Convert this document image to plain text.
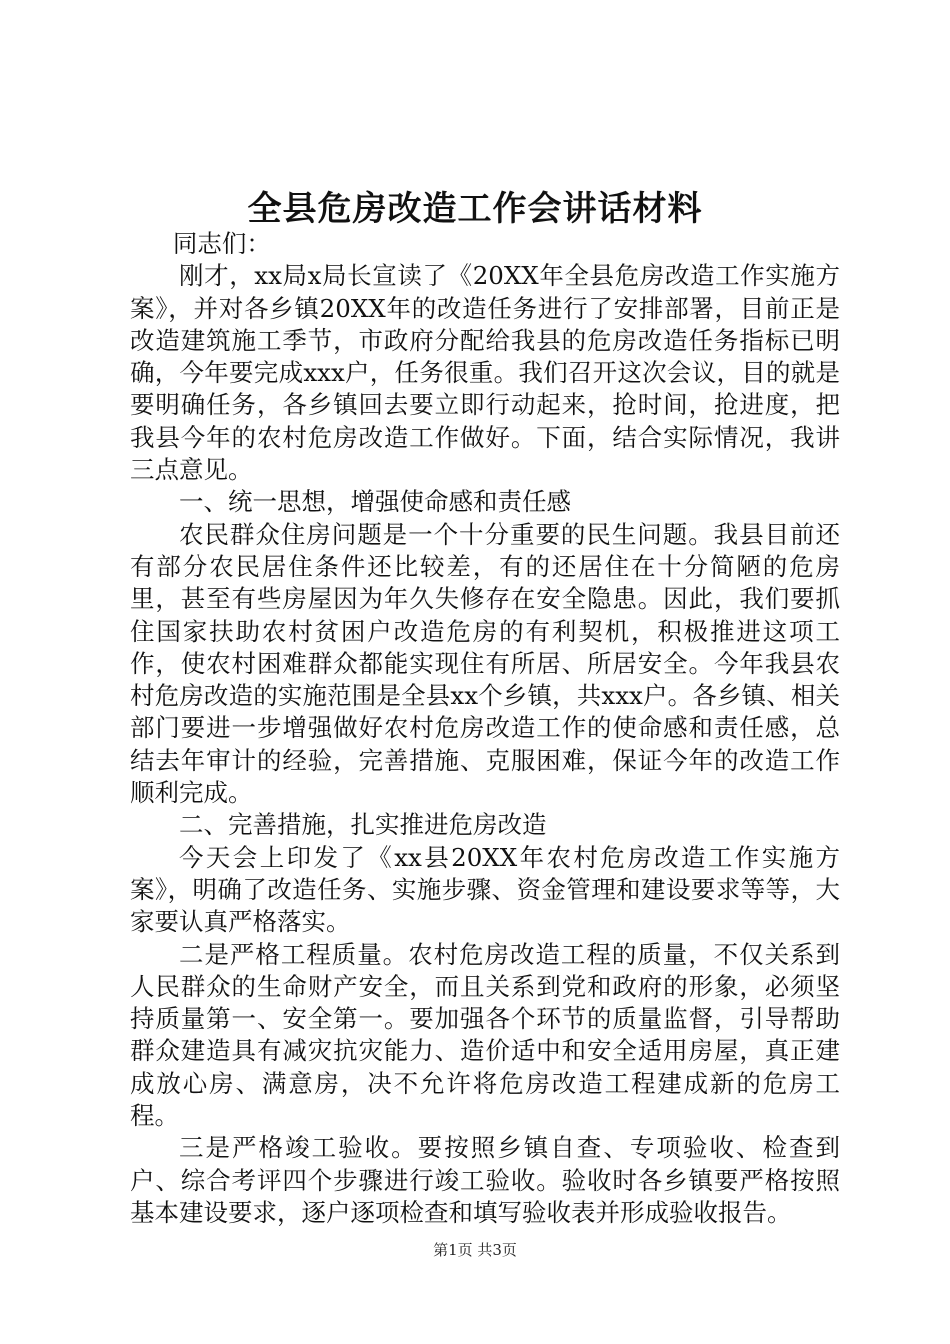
全县危房改造工作会讲话材料

同志们：

刚才，xx局x局长宣读了《20XX年全县危房改造工作实施方案》，并对各乡镇20XX年的改造任务进行了安排部署，目前正是改造建筑施工季节，市政府分配给我县的危房改造任务指标已明确，今年要完成xxx户，任务很重。我们召开这次会议，目的就是要明确任务，各乡镇回去要立即行动起来，抢时间，抢进度，把我县今年的农村危房改造工作做好。下面，结合实际情况，我讲三点意见。

一、统一思想，增强使命感和责任感

农民群众住房问题是一个十分重要的民生问题。我县目前还有部分农民居住条件还比较差，有的还居住在十分简陋的危房里，甚至有些房屋因为年久失修存在安全隐患。因此，我们要抓住国家扶助农村贫困户改造危房的有利契机，积极推进这项工作，使农村困难群众都能实现住有所居、所居安全。今年我县农村危房改造的实施范围是全县xx个乡镇，共xxx户。各乡镇、相关部门要进一步增强做好农村危房改造工作的使命感和责任感，总结去年审计的经验，完善措施、克服困难，保证今年的改造工作顺利完成。

二、完善措施，扎实推进危房改造

今天会上印发了《xx县20XX年农村危房改造工作实施方案》，明确了改造任务、实施步骤、资金管理和建设要求等等，大家要认真严格落实。

二是严格工程质量。农村危房改造工程的质量，不仅关系到人民群众的生命财产安全，而且关系到党和政府的形象，必须坚持质量第一、安全第一。要加强各个环节的质量监督，引导帮助群众建造具有减灾抗灾能力、造价适中和安全适用房屋，真正建成放心房、满意房，决不允许将危房改造工程建成新的危房工程。

三是严格竣工验收。要按照乡镇自查、专项验收、检查到户、综合考评四个步骤进行竣工验收。验收时各乡镇要严格按照基本建设要求，逐户逐项检查和填写验收表并形成验收报告。

第1页 共3页
